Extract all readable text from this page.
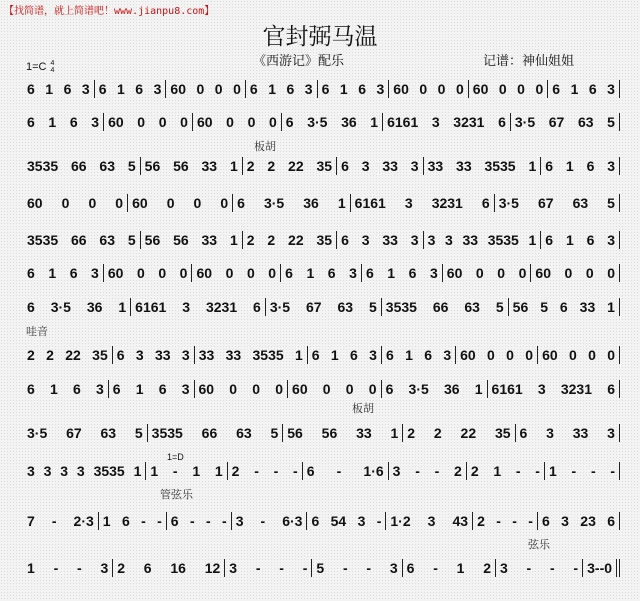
【找简谱，就上简谱吧！www.jianpu8.com】
官封弼马温
《西游记》配乐	记谱：神仙姐姐
1=C 4
4
板胡
哇音
板胡
1=D
管弦乐
弦乐
6 1 6 3 6 1 6 3 60 0 0 0 6 1 6 3 6 1 6 3 60 0 0 0 60 0 0 0 6 1 6 3
6 1 6 3 60 0 0 0 60 0 0 0 6 3·5 36 1 6161 3 3231 6 3·5 67 63 5
3535 66 63 5 56 56 33 1 2 2 22 35 6 3 33 3 33 33 3535 1 6 1 6 3
60 0 0 0 60 0 0 0 6 3·5 36 1 6161 3 3231 6 3·5 67 63 5
3535 66 63 5 56 56 33 1 2 2 22 35 6 3 33 3 3 3 33 3535 1 6 1 6 3
6 1 6 3 60 0 0 0 60 0 0 0 6 1 6 3 6 1 6 3 60 0 0 0 60 0 0 0
6 3·5 36 1 6161 3 3231 6 3·5 67 63 5 3535 66 63 5 56 5 6 33 1
2 2 22 35 6 3 33 3 33 33 3535 1 6 1 6 3 6 1 6 3 60 0 0 0 60 0 0 0
6 1 6 3 6 1 6 3 60 0 0 0 60 0 0 0 6 3·5 36 1 6161 3 3231 6
3·5 67 63 5 3535 66 63 5 56 56 33 1 2 2 22 35 6 3 33 3
3 3 3 3 3535 1 1 - 1 1 2 - - - 6 - 1·6 3 - - 2 2 1 - - 1 - - -
7 - 2·3 1 6 - - 6 - - - 3 - 6·3 6 54 3 - 1·2 3 43 2 - - - 6 3 23 6
1 - - 3 2 6 16 12 3 - - - 5 - - 3 6 - 1 2 3 - - - 3 - - 0
